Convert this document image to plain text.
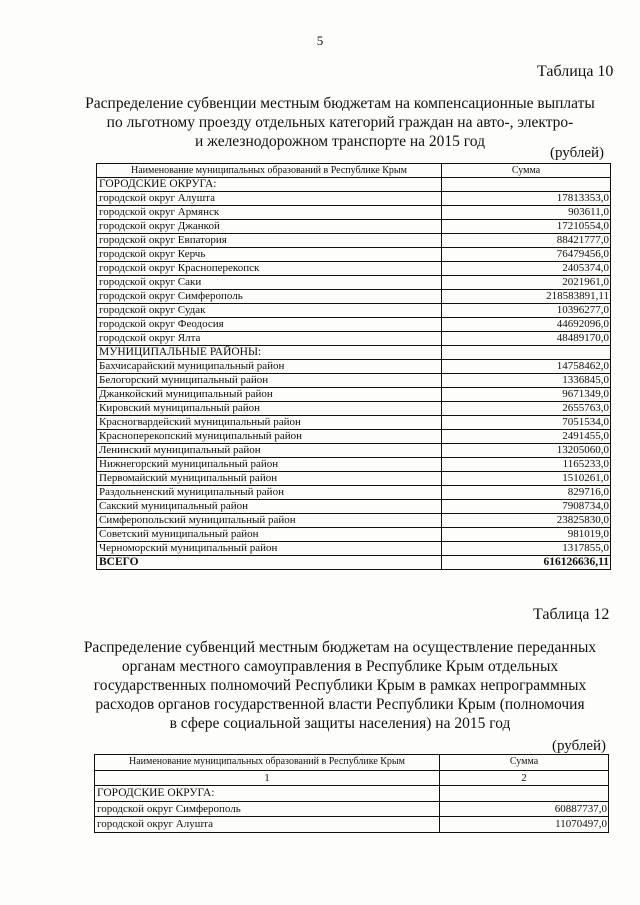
5
Таблица 10
Распределение субвенции местным бюджетам на компенсационные выплаты
по льготному проезду отдельных категорий граждан на авто-, электро-
и железнодорожном транспорте на 2015 год
(рублей)
Наименование муниципальных образований в Республике Крым	Сумма
ГОРОДСКИЕ ОКРУГА:	
городской округ Алушта	17813353,0
городской округ Армянск	903611,0
городской округ Джанкой	17210554,0
городской округ Евпатория	88421777,0
городской округ Керчь	76479456,0
городской округ Красноперекопск	2405374,0
городской округ Саки	2021961,0
городской округ Симферополь	218583891,11
городской округ Судак	10396277,0
городской округ Феодосия	44692096,0
городской округ Ялта	48489170,0
МУНИЦИПАЛЬНЫЕ РАЙОНЫ:	
Бахчисарайский муниципальный район	14758462,0
Белогорский муниципальный район	1336845,0
Джанкойский муниципальный район	9671349,0
Кировский муниципальный район	2655763,0
Красногвардейский муниципальный район	7051534,0
Красноперекопский муниципальный район	2491455,0
Ленинский муниципальный район	13205060,0
Нижнегорский муниципальный район	1165233,0
Первомайский муниципальный район	1510261,0
Раздольненский муниципальный район	829716,0
Сакский муниципальный район	7908734,0
Симферопольский муниципальный район	23825830,0
Советский муниципальный район	981019,0
Черноморский муниципальный район	1317855,0
ВСЕГО	616126636,11
Таблица 12
Распределение субвенций местным бюджетам на осуществление переданных
органам местного самоуправления в Республике Крым отдельных
государственных полномочий Республики Крым в рамках непрограммных
расходов органов государственной власти Республики Крым (полномочия
в сфере социальной защиты населения) на 2015 год
(рублей)
Наименование муниципальных образований в Республике Крым	Сумма
1	2
ГОРОДСКИЕ ОКРУГА:	
городской округ Симферополь	60887737,0
городской округ Алушта	11070497,0
